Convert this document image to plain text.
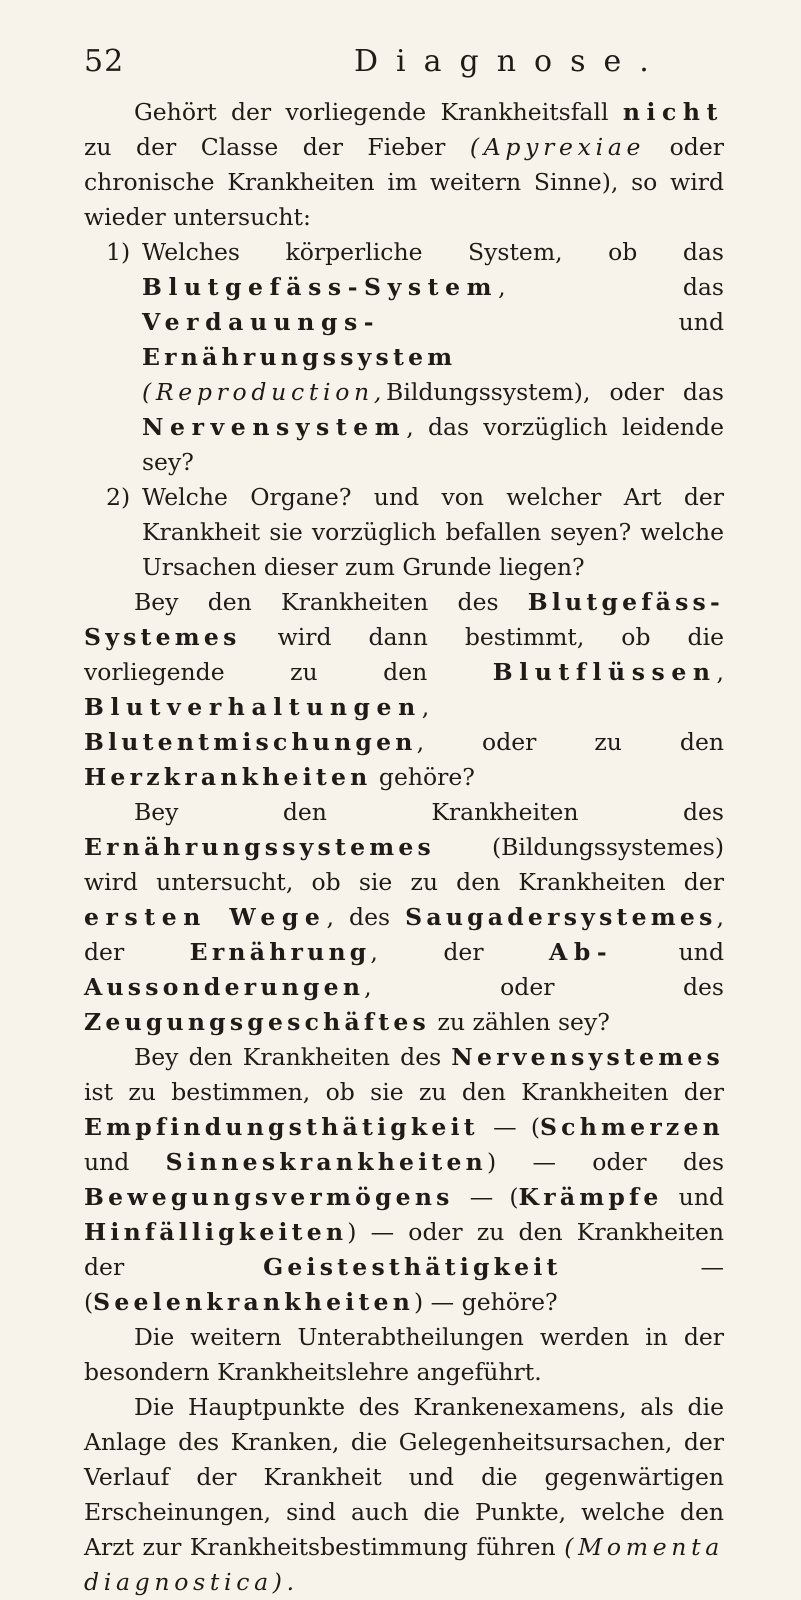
52	Diagnose.

Gehört der vorliegende Krankheitsfall nicht zu der Classe der Fieber (Apyrexiae oder chronische Krankheiten im weitern Sinne), so wird wieder untersucht:

1) Welches körperliche System, ob das Blutgefäss-System, das Verdauungs- und Ernährungssystem (Reproduction,Bildungssystem), oder das Nervensystem, das vorzüglich leidende sey?
2) Welche Organe? und von welcher Art der Krankheit sie vorzüglich befallen seyen? welche Ursachen dieser zum Grunde liegen?

Bey den Krankheiten des Blutgefäss-Systemes wird dann bestimmt, ob die vorliegende zu den Blutflüssen, Blutverhaltungen, Blutentmischungen, oder zu den Herzkrankheiten gehöre?

Bey den Krankheiten des Ernährungssystemes (Bildungssystemes) wird untersucht, ob sie zu den Krankheiten der ersten Wege, des Saugadersystemes, der Ernährung, der Ab- und Aussonderungen, oder des Zeugungsgeschäftes zu zählen sey?

Bey den Krankheiten des Nervensystemes ist zu bestimmen, ob sie zu den Krankheiten der Empfindungsthätigkeit — (Schmerzen und Sinneskrankheiten) — oder des Bewegungsvermögens — (Krämpfe und Hinfälligkeiten) — oder zu den Krankheiten der Geistesthätigkeit — (Seelenkrankheiten) — gehöre?

Die weitern Unterabtheilungen werden in der besondern Krankheitslehre angeführt.

Die Hauptpunkte des Krankenexamens, als die Anlage des Kranken, die Gelegenheitsursachen, der Verlauf der Krankheit und die gegenwärtigen Erscheinungen, sind auch die Punkte, welche den Arzt zur Krankheitsbestimmung führen (Momenta diagnostica).
